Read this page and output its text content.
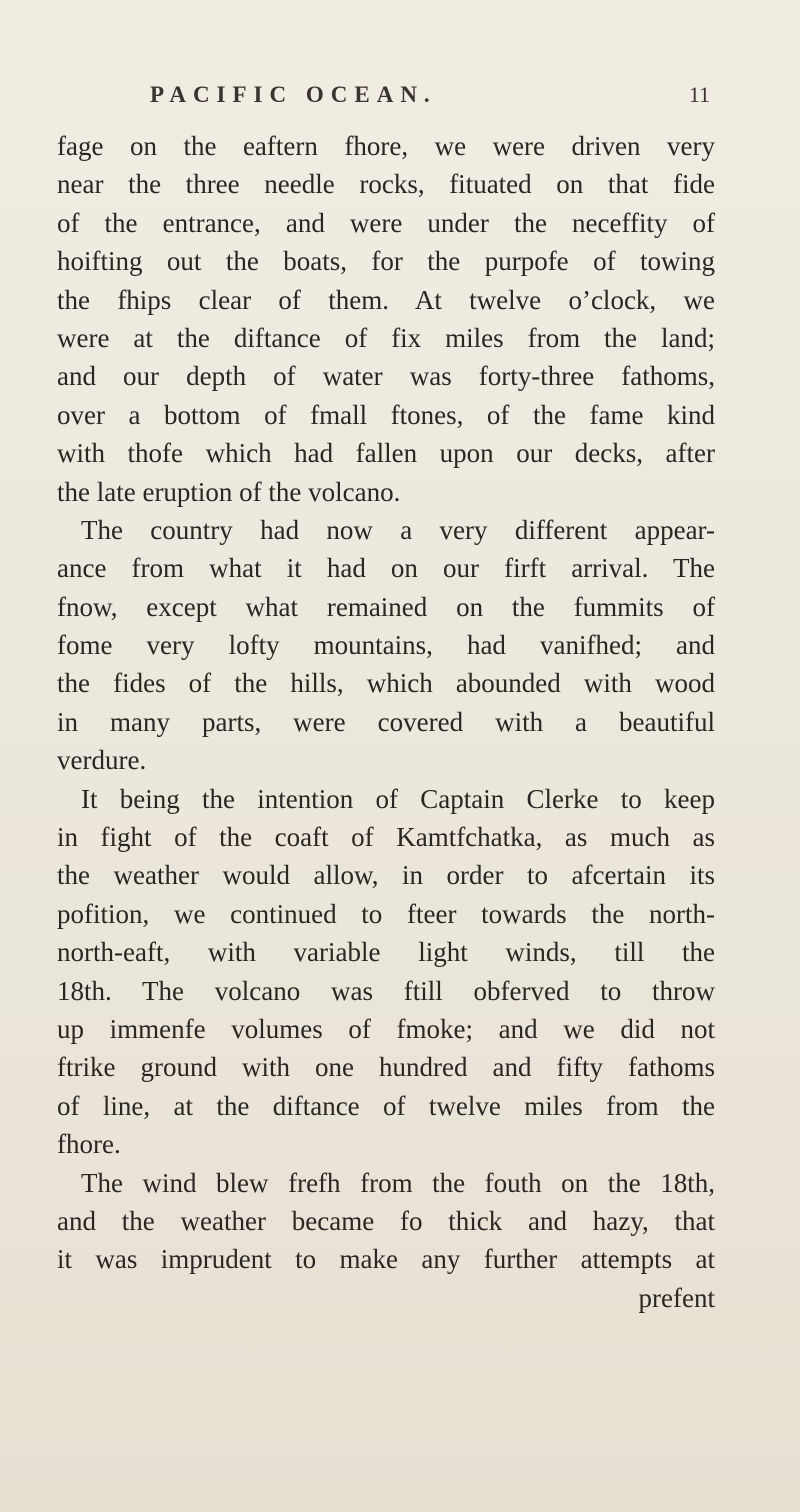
PACIFIC OCEAN.	11
fage on the eaftern fhore, we were driven very
near the three needle rocks, fituated on that fide
of the entrance, and were under the neceffity of
hoifting out the boats, for the purpofe of towing
the fhips clear of them. At twelve o’clock, we
were at the diftance of fix miles from the land;
and our depth of water was forty-three fathoms,
over a bottom of fmall ftones, of the fame kind
with thofe which had fallen upon our decks, after
the late eruption of the volcano.
The country had now a very different appear-
ance from what it had on our firft arrival. The
fnow, except what remained on the fummits of
fome very lofty mountains, had vanifhed; and
the fides of the hills, which abounded with wood
in many parts, were covered with a beautiful
verdure.
It being the intention of Captain Clerke to keep
in fight of the coaft of Kamtfchatka, as much as
the weather would allow, in order to afcertain its
pofition, we continued to fteer towards the north-
north-eaft, with variable light winds, till the
18th. The volcano was ftill obferved to throw
up immenfe volumes of fmoke; and we did not
ftrike ground with one hundred and fifty fathoms
of line, at the diftance of twelve miles from the
fhore.
The wind blew frefh from the fouth on the 18th,
and the weather became fo thick and hazy, that
it was imprudent to make any further attempts at
prefent
